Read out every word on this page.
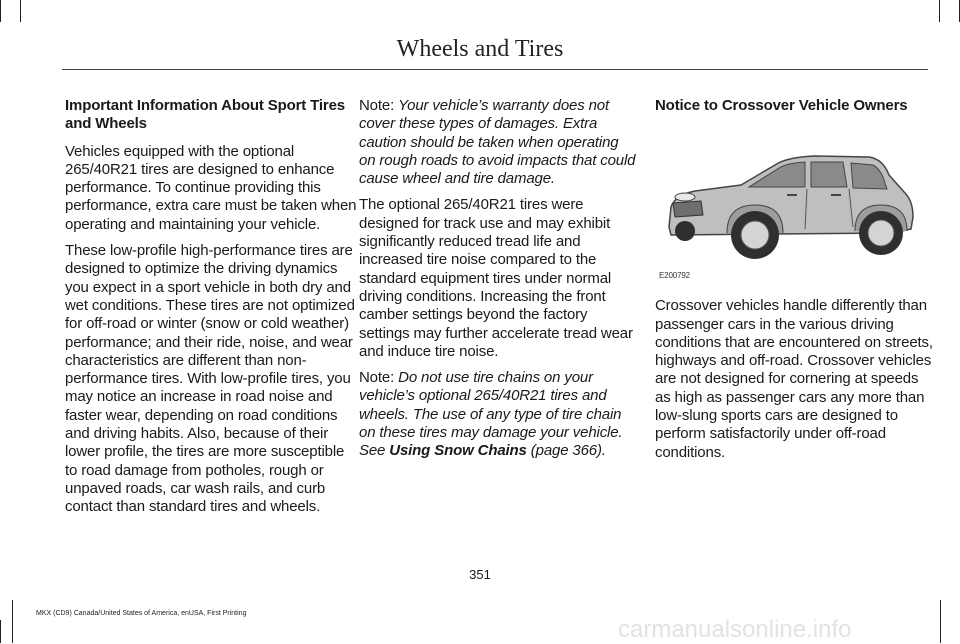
Wheels and Tires

Important Information About Sport Tires and Wheels

Vehicles equipped with the optional 265/40R21 tires are designed to enhance performance. To continue providing this performance, extra care must be taken when operating and maintaining your vehicle.

These low-profile high-performance tires are designed to optimize the driving dynamics you expect in a sport vehicle in both dry and wet conditions. These tires are not optimized for off-road or winter (snow or cold weather) performance; and their ride, noise, and wear characteristics are different than non-performance tires. With low-profile tires, you may notice an increase in road noise and faster wear, depending on road conditions and driving habits. Also, because of their lower profile, the tires are more susceptible to road damage from potholes, rough or unpaved roads, car wash rails, and curb contact than standard tires and wheels.

Note: Your vehicle’s warranty does not cover these types of damages. Extra caution should be taken when operating on rough roads to avoid impacts that could cause wheel and tire damage.

The optional 265/40R21 tires were designed for track use and may exhibit significantly reduced tread life and increased tire noise compared to the standard equipment tires under normal driving conditions. Increasing the front camber settings beyond the factory settings may further accelerate tread wear and induce tire noise.

Note: Do not use tire chains on your vehicle’s optional 265/40R21 tires and wheels. The use of any type of tire chain on these tires may damage your vehicle. See Using Snow Chains (page 366).

Notice to Crossover Vehicle Owners

E200792

Crossover vehicles handle differently than passenger cars in the various driving conditions that are encountered on streets, highways and off-road. Crossover vehicles are not designed for cornering at speeds as high as passenger cars any more than low-slung sports cars are designed to perform satisfactorily under off-road conditions.

351
MKX (CD9) Canada/United States of America, enUSA, First Printing
carmanualsonline.info
